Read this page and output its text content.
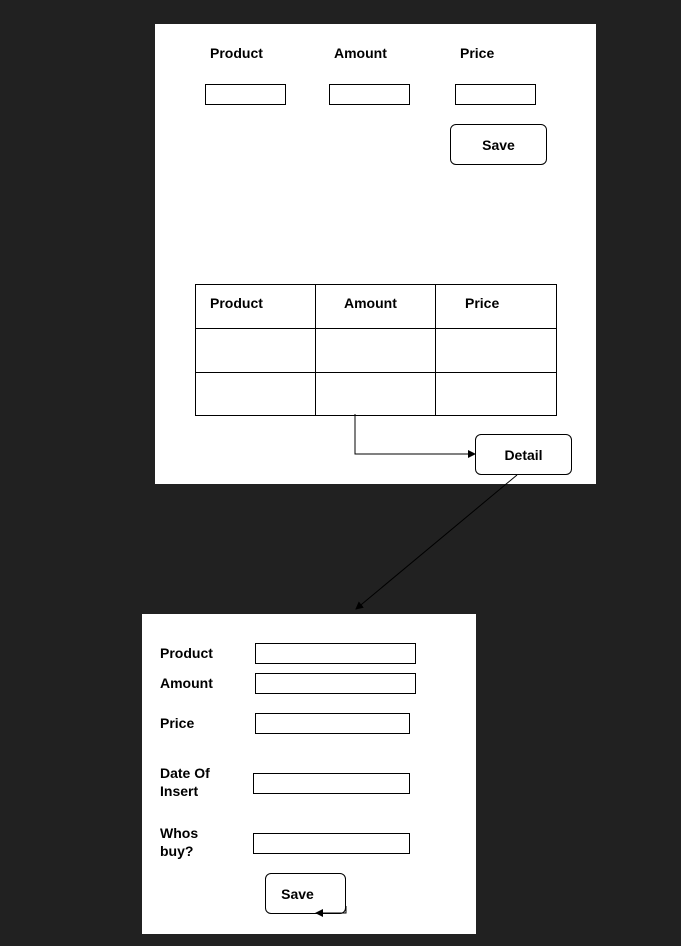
Product	Amount	Price
Save
Product	Amount	Price

Detail
Product
Amount
Price
Date Of
Insert
Whos
buy?
Save
